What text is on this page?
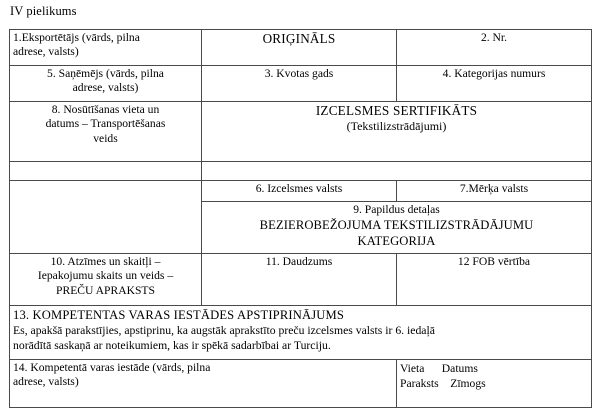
IV pielikums
1.Eksportētājs (vārds, pilna
adrese, valsts)	ORIĢINĀLS	2. Nr.

5. Saņēmējs (vārds, pilna
adrese, valsts)	3. Kvotas gads	4. Kategorijas numurs

8. Nosūtīšanas vieta un
datums – Transportēšanas
veids	IZCELSMES SERTIFIKĀTS
(Tekstilizstrādājumi)	

	6. Izcelsmes valsts	7.Mērķa valsts

	9. Papildus detaļas
BEZIEROBEŽOJUMA TEKSTILIZSTRĀDĀJUMU
KATEGORIJA	

10. Atzīmes un skaitļi –
Iepakojumu skaits un veids –
PREČU APRAKSTS	11. Daudzums	12 FOB vērtība

13. KOMPETENTAS VARAS IESTĀDES APSTIPRINĀJUMS
Es, apakšā parakstījies, apstiprinu, ka augstāk aprakstīto preču izcelsmes valsts ir 6. iedaļā
norādītā saskaņā ar noteikumiem, kas ir spēkā sadarbībai ar Turciju.		

14. Kompetentā varas iestāde (vārds, pilna
adrese, valsts)		Vieta      Datums
Paraksts    Zīmogs
